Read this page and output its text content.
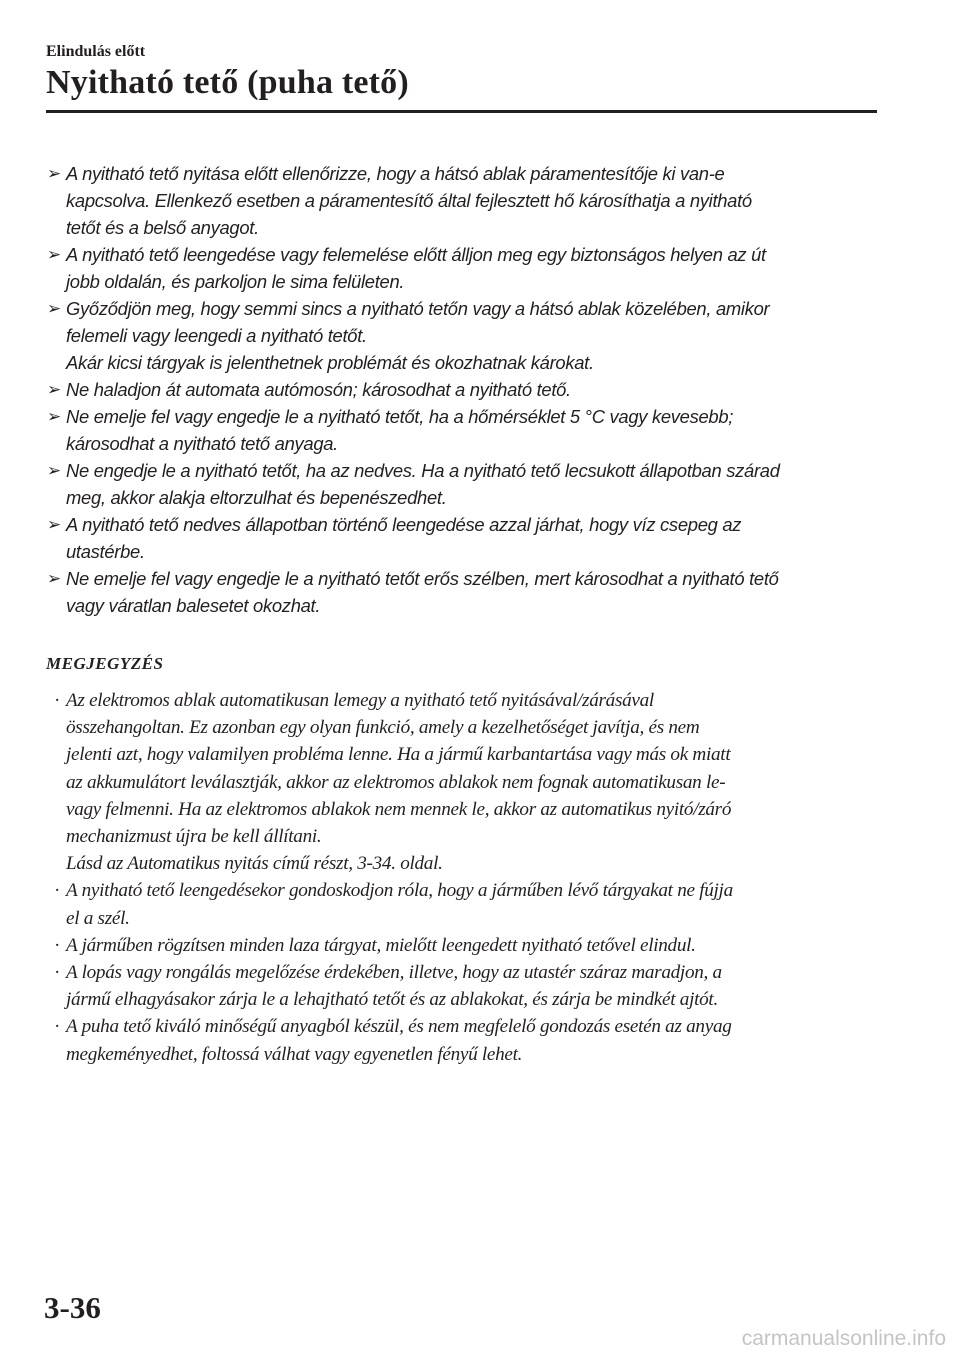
Elindulás előtt
Nyitható tető (puha tető)
➢ A nyitható tető nyitása előtt ellenőrizze, hogy a hátsó ablak páramentesítője ki van-e
kapcsolva. Ellenkező esetben a páramentesítő által fejlesztett hő károsíthatja a nyitható
tetőt és a belső anyagot.
➢ A nyitható tető leengedése vagy felemelése előtt álljon meg egy biztonságos helyen az út
jobb oldalán, és parkoljon le sima felületen.
➢ Győződjön meg, hogy semmi sincs a nyitható tetőn vagy a hátsó ablak közelében, amikor
felemeli vagy leengedi a nyitható tetőt.
Akár kicsi tárgyak is jelenthetnek problémát és okozhatnak károkat.
➢ Ne haladjon át automata autómosón; károsodhat a nyitható tető.
➢ Ne emelje fel vagy engedje le a nyitható tetőt, ha a hőmérséklet 5 °C vagy kevesebb;
károsodhat a nyitható tető anyaga.
➢ Ne engedje le a nyitható tetőt, ha az nedves. Ha a nyitható tető lecsukott állapotban szárad
meg, akkor alakja eltorzulhat és bepenészedhet.
➢ A nyitható tető nedves állapotban történő leengedése azzal járhat, hogy víz csepeg az
utastérbe.
➢ Ne emelje fel vagy engedje le a nyitható tetőt erős szélben, mert károsodhat a nyitható tető
vagy váratlan balesetet okozhat.
MEGJEGYZÉS
· Az elektromos ablak automatikusan lemegy a nyitható tető nyitásával/zárásával
összehangoltan. Ez azonban egy olyan funkció, amely a kezelhetőséget javítja, és nem
jelenti azt, hogy valamilyen probléma lenne. Ha a jármű karbantartása vagy más ok miatt
az akkumulátort leválasztják, akkor az elektromos ablakok nem fognak automatikusan le-
vagy felmenni. Ha az elektromos ablakok nem mennek le, akkor az automatikus nyitó/záró
mechanizmust újra be kell állítani.
Lásd az Automatikus nyitás című részt, 3-34. oldal.
· A nyitható tető leengedésekor gondoskodjon róla, hogy a járműben lévő tárgyakat ne fújja
el a szél.
· A járműben rögzítsen minden laza tárgyat, mielőtt leengedett nyitható tetővel elindul.
· A lopás vagy rongálás megelőzése érdekében, illetve, hogy az utastér száraz maradjon, a
jármű elhagyásakor zárja le a lehajtható tetőt és az ablakokat, és zárja be mindkét ajtót.
· A puha tető kiváló minőségű anyagból készül, és nem megfelelő gondozás esetén az anyag
megkeményedhet, foltossá válhat vagy egyenetlen fényű lehet.
3-36
carmanualsonline.info
